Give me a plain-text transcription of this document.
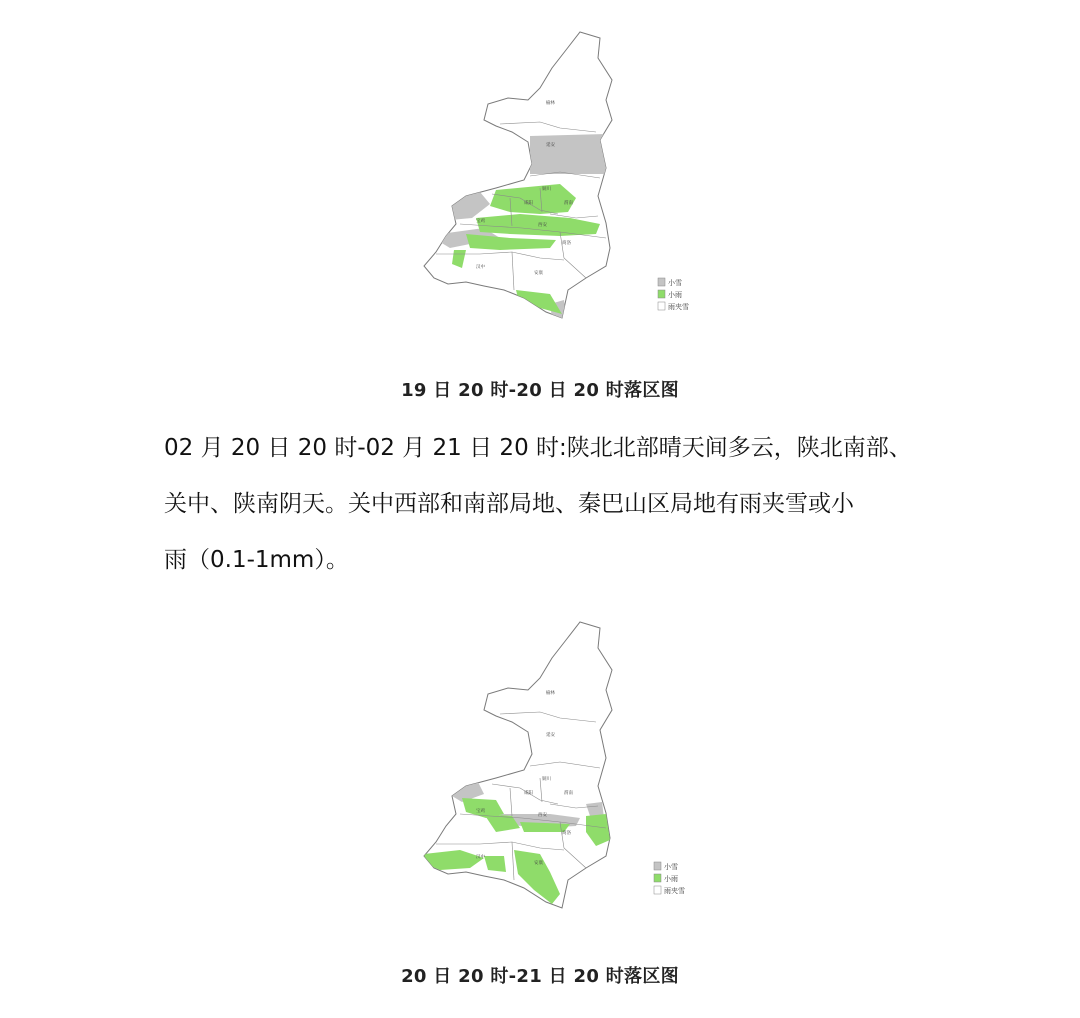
榆林
延安
铜川
渭南
咸阳
宝鸡
西安
商洛
汉中
安康
小雪
小雨
雨夹雪
19 日 20 时-20 日 20 时落区图
02 月 20 日 20 时-02 月 21 日 20 时:陕北北部晴天间多云，陕北南部、
关中、陕南阴天。关中西部和南部局地、秦巴山区局地有雨夹雪或小
雨（0.1-1mm）。
榆林
延安
铜川
渭南
咸阳
宝鸡
西安
商洛
汉中
安康	小雪
小雨
雨夹雪
20 日 20 时-21 日 20 时落区图
